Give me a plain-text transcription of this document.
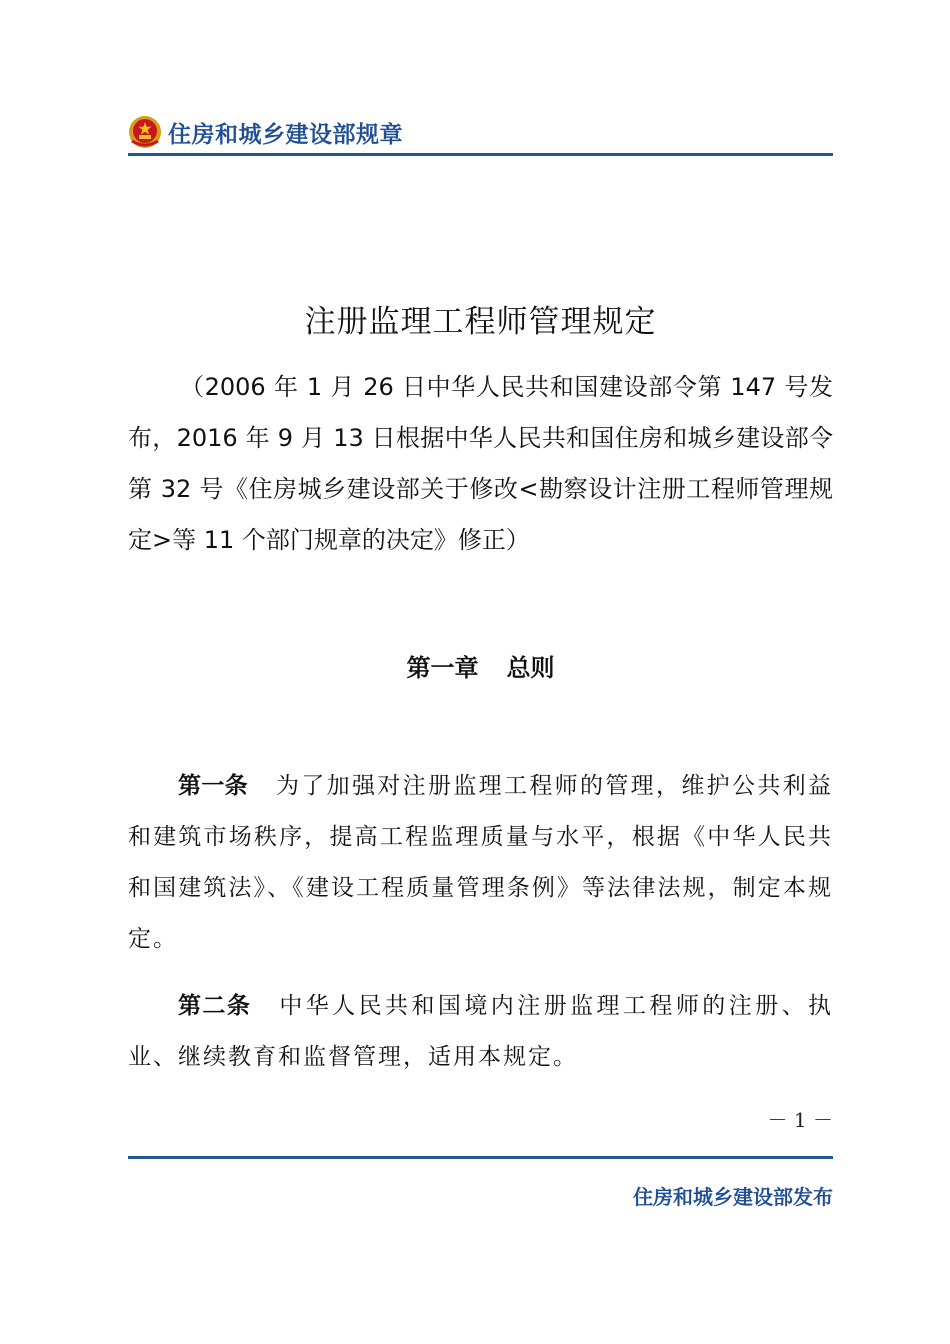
住房和城乡建设部规章
注册监理工程师管理规定

（2006 年 1 月 26 日中华人民共和国建设部令第 147 号发布，2016 年 9 月 13 日根据中华人民共和国住房和城乡建设部令第 32 号《住房城乡建设部关于修改<勘察设计注册工程师管理规定>等 11 个部门规章的决定》修正）

第一章 总则

第一条 为了加强对注册监理工程师的管理，维护公共利益和建筑市场秩序，提高工程监理质量与水平，根据《中华人民共和国建筑法》、《建设工程质量管理条例》等法律法规，制定本规定。

第二条 中华人民共和国境内注册监理工程师的注册、执业、继续教育和监督管理，适用本规定。

－ 1 －
住房和城乡建设部发布
